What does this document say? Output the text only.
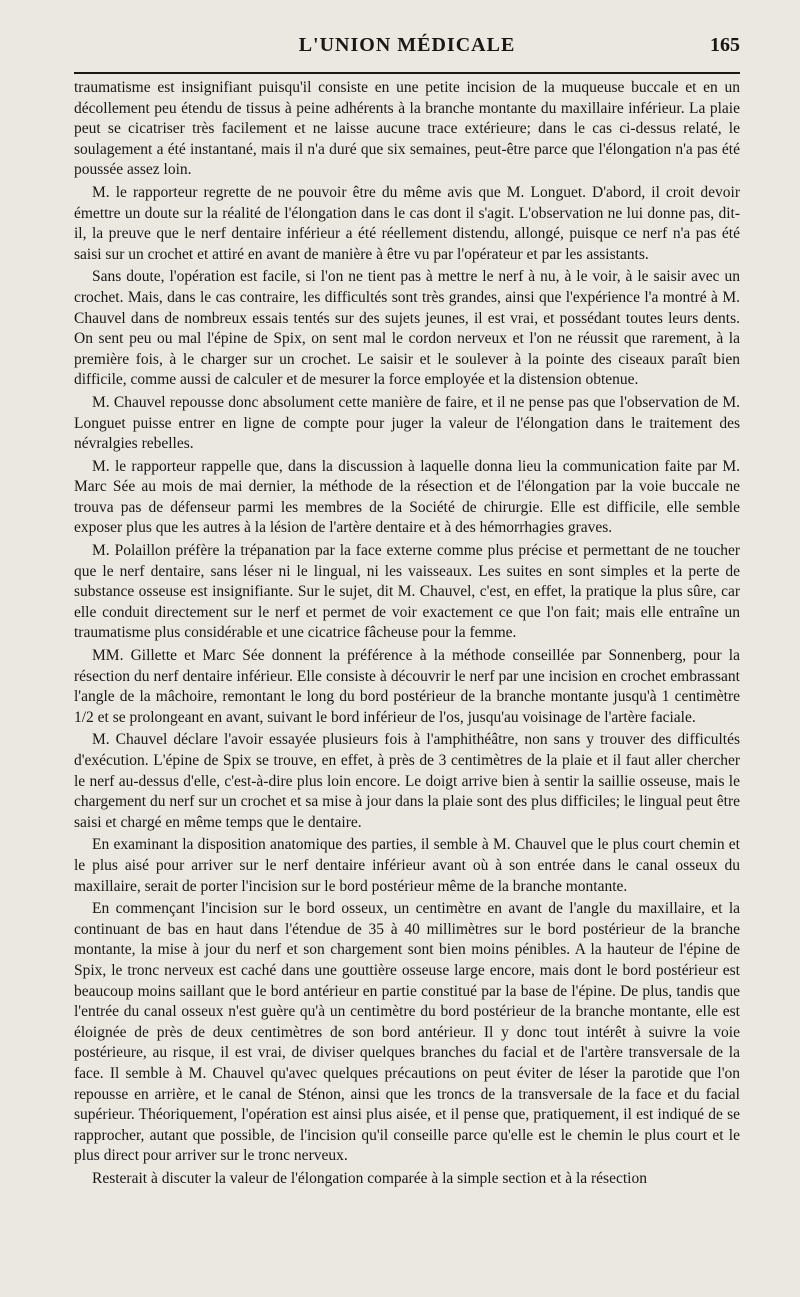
L'UNION MÉDICALE	165

traumatisme est insignifiant puisqu'il consiste en une petite incision de la muqueuse buccale et en un décollement peu étendu de tissus à peine adhérents à la branche montante du maxillaire inférieur. La plaie peut se cicatriser très facilement et ne laisse aucune trace extérieure; dans le cas ci-dessus relaté, le soulagement a été instantané, mais il n'a duré que six semaines, peut-être parce que l'élongation n'a pas été poussée assez loin.

M. le rapporteur regrette de ne pouvoir être du même avis que M. Longuet. D'abord, il croit devoir émettre un doute sur la réalité de l'élongation dans le cas dont il s'agit. L'observation ne lui donne pas, dit-il, la preuve que le nerf dentaire inférieur a été réellement distendu, allongé, puisque ce nerf n'a pas été saisi sur un crochet et attiré en avant de manière à être vu par l'opérateur et par les assistants.

Sans doute, l'opération est facile, si l'on ne tient pas à mettre le nerf à nu, à le voir, à le saisir avec un crochet. Mais, dans le cas contraire, les difficultés sont très grandes, ainsi que l'expérience l'a montré à M. Chauvel dans de nombreux essais tentés sur des sujets jeunes, il est vrai, et possédant toutes leurs dents. On sent peu ou mal l'épine de Spix, on sent mal le cordon nerveux et l'on ne réussit que rarement, à la première fois, à le charger sur un crochet. Le saisir et le soulever à la pointe des ciseaux paraît bien difficile, comme aussi de calculer et de mesurer la force employée et la distension obtenue.

M. Chauvel repousse donc absolument cette manière de faire, et il ne pense pas que l'observation de M. Longuet puisse entrer en ligne de compte pour juger la valeur de l'élongation dans le traitement des névralgies rebelles.

M. le rapporteur rappelle que, dans la discussion à laquelle donna lieu la communication faite par M. Marc Sée au mois de mai dernier, la méthode de la résection et de l'élongation par la voie buccale ne trouva pas de défenseur parmi les membres de la Société de chirurgie. Elle est difficile, elle semble exposer plus que les autres à la lésion de l'artère dentaire et à des hémorrhagies graves.

M. Polaillon préfère la trépanation par la face externe comme plus précise et permettant de ne toucher que le nerf dentaire, sans léser ni le lingual, ni les vaisseaux. Les suites en sont simples et la perte de substance osseuse est insignifiante. Sur le sujet, dit M. Chauvel, c'est, en effet, la pratique la plus sûre, car elle conduit directement sur le nerf et permet de voir exactement ce que l'on fait; mais elle entraîne un traumatisme plus considérable et une cicatrice fâcheuse pour la femme.

MM. Gillette et Marc Sée donnent la préférence à la méthode conseillée par Sonnenberg, pour la résection du nerf dentaire inférieur. Elle consiste à découvrir le nerf par une incision en crochet embrassant l'angle de la mâchoire, remontant le long du bord postérieur de la branche montante jusqu'à 1 centimètre 1/2 et se prolongeant en avant, suivant le bord inférieur de l'os, jusqu'au voisinage de l'artère faciale.

M. Chauvel déclare l'avoir essayée plusieurs fois à l'amphithéâtre, non sans y trouver des difficultés d'exécution. L'épine de Spix se trouve, en effet, à près de 3 centimètres de la plaie et il faut aller chercher le nerf au-dessus d'elle, c'est-à-dire plus loin encore. Le doigt arrive bien à sentir la saillie osseuse, mais le chargement du nerf sur un crochet et sa mise à jour dans la plaie sont des plus difficiles; le lingual peut être saisi et chargé en même temps que le dentaire.

En examinant la disposition anatomique des parties, il semble à M. Chauvel que le plus court chemin et le plus aisé pour arriver sur le nerf dentaire inférieur avant où à son entrée dans le canal osseux du maxillaire, serait de porter l'incision sur le bord postérieur même de la branche montante.

En commençant l'incision sur le bord osseux, un centimètre en avant de l'angle du maxillaire, et la continuant de bas en haut dans l'étendue de 35 à 40 millimètres sur le bord postérieur de la branche montante, la mise à jour du nerf et son chargement sont bien moins pénibles. A la hauteur de l'épine de Spix, le tronc nerveux est caché dans une gouttière osseuse large encore, mais dont le bord postérieur est beaucoup moins saillant que le bord antérieur en partie constitué par la base de l'épine. De plus, tandis que l'entrée du canal osseux n'est guère qu'à un centimètre du bord postérieur de la branche montante, elle est éloignée de près de deux centimètres de son bord antérieur. Il y donc tout intérêt à suivre la voie postérieure, au risque, il est vrai, de diviser quelques branches du facial et de l'artère transversale de la face. Il semble à M. Chauvel qu'avec quelques précautions on peut éviter de léser la parotide que l'on repousse en arrière, et le canal de Sténon, ainsi que les troncs de la transversale de la face et du facial supérieur. Théoriquement, l'opération est ainsi plus aisée, et il pense que, pratiquement, il est indiqué de se rapprocher, autant que possible, de l'incision qu'il conseille parce qu'elle est le chemin le plus court et le plus direct pour arriver sur le tronc nerveux.

Resterait à discuter la valeur de l'élongation comparée à la simple section et à la résection
